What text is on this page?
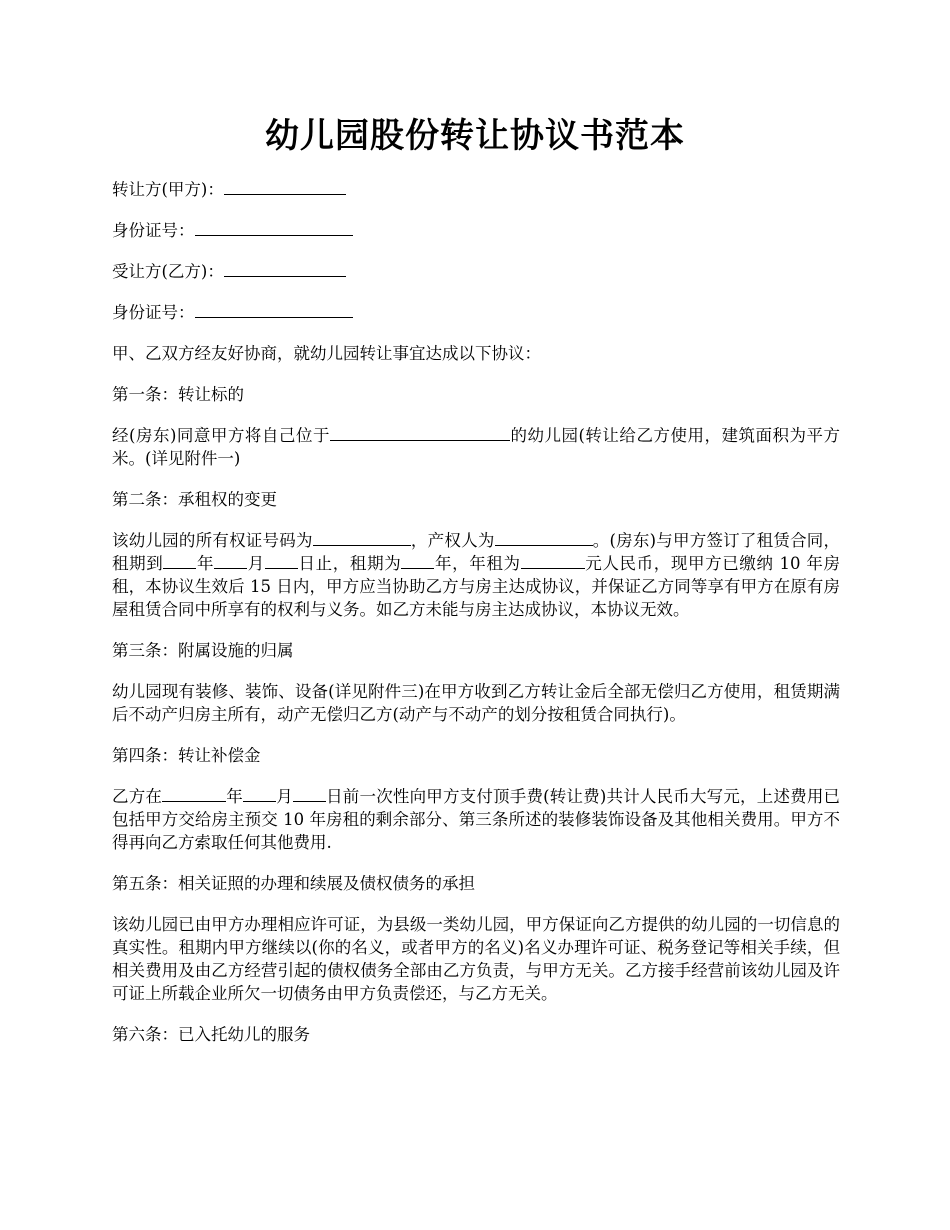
幼儿园股份转让协议书范本
转让方(甲方)：
身份证号：
受让方(乙方)：
身份证号：

甲、乙双方经友好协商，就幼儿园转让事宜达成以下协议：

第一条：转让标的

经(房东)同意甲方将自己位于	的幼儿园(转让给乙方使用，建筑面积为平方米。(详见附件一)

第二条：承租权的变更

该幼儿园的所有权证号码为	，产权人为	。(房东)与甲方签订了租赁合同，租期到 年 月 日止，租期为 年，年租为	元人民币，现甲方已缴纳 10 年房租，本协议生效后 15 日内，甲方应当协助乙方与房主达成协议，并保证乙方同等享有甲方在原有房屋租赁合同中所享有的权利与义务。如乙方未能与房主达成协议，本协议无效。

第三条：附属设施的归属

幼儿园现有装修、装饰、设备(详见附件三)在甲方收到乙方转让金后全部无偿归乙方使用，租赁期满后不动产归房主所有，动产无偿归乙方(动产与不动产的划分按租赁合同执行)。

第四条：转让补偿金

乙方在	年 月 日前一次性向甲方支付顶手费(转让费)共计人民币大写元，上述费用已包括甲方交给房主预交 10 年房租的剩余部分、第三条所述的装修装饰设备及其他相关费用。甲方不得再向乙方索取任何其他费用.

第五条：相关证照的办理和续展及债权债务的承担

该幼儿园已由甲方办理相应许可证，为县级一类幼儿园，甲方保证向乙方提供的幼儿园的一切信息的真实性。租期内甲方继续以(你的名义，或者甲方的名义)名义办理许可证、税务登记等相关手续，但相关费用及由乙方经营引起的债权债务全部由乙方负责，与甲方无关。乙方接手经营前该幼儿园及许可证上所载企业所欠一切债务由甲方负责偿还，与乙方无关。

第六条：已入托幼儿的服务
